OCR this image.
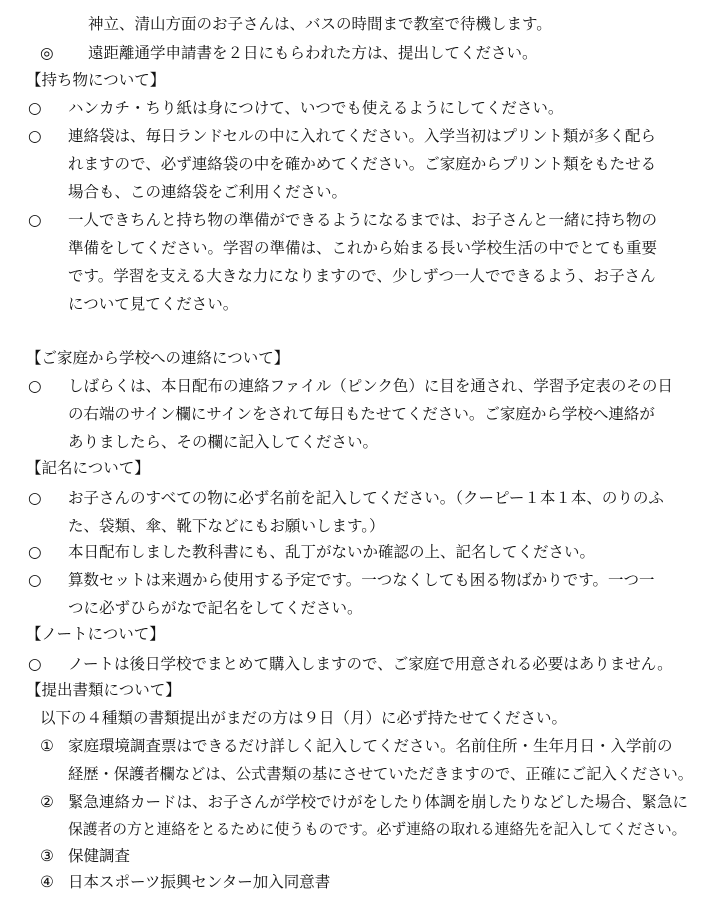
神立、清山方面のお子さんは、バスの時間まで教室で待機します。
◎ 遠距離通学申請書を２日にもらわれた方は、提出してください。
【持ち物について】
○ ハンカチ・ちり紙は身につけて、いつでも使えるようにしてください。
○ 連絡袋は、毎日ランドセルの中に入れてください。入学当初はプリント類が多く配ら
れますので、必ず連絡袋の中を確かめてください。ご家庭からプリント類をもたせる
場合も、この連絡袋をご利用ください。
○ 一人できちんと持ち物の準備ができるようになるまでは、お子さんと一緒に持ち物の
準備をしてください。学習の準備は、これから始まる長い学校生活の中でとても重要
です。学習を支える大きな力になりますので、少しずつ一人でできるよう、お子さん
について見てください。
【ご家庭から学校への連絡について】
○ しばらくは、本日配布の連絡ファイル（ピンク色）に目を通され、学習予定表のその日
の右端のサイン欄にサインをされて毎日もたせてください。ご家庭から学校へ連絡が
ありましたら、その欄に記入してください。
【記名について】
○ お子さんのすべての物に必ず名前を記入してください。（クーピー１本１本、のりのふ
た、袋類、傘、靴下などにもお願いします。）
○ 本日配布しました教科書にも、乱丁がないか確認の上、記名してください。
○ 算数セットは来週から使用する予定です。一つなくしても困る物ばかりです。一つ一
つに必ずひらがなで記名をしてください。
【ノートについて】
○ ノートは後日学校でまとめて購入しますので、ご家庭で用意される必要はありません。
【提出書類について】
以下の４種類の書類提出がまだの方は９日（月）に必ず持たせてください。
① 家庭環境調査票はできるだけ詳しく記入してください。名前住所・生年月日・入学前の
経歴・保護者欄などは、公式書類の基にさせていただきますので、正確にご記入ください。
② 緊急連絡カードは、お子さんが学校でけがをしたり体調を崩したりなどした場合、緊急に
保護者の方と連絡をとるために使うものです。必ず連絡の取れる連絡先を記入してください。
③ 保健調査
④ 日本スポーツ振興センター加入同意書
